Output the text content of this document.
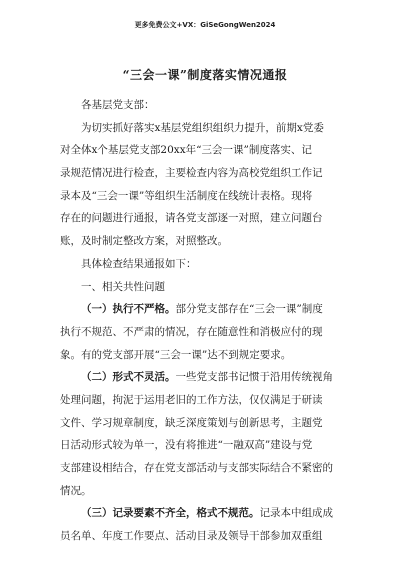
更多免费公文+VX：GiSeGongWen2024
“三会一课”制度落实情况通报
各基层党支部：
为切实抓好落实x基层党组织组织力提升，前期x党委
对全体x个基层党支部20xx年“三会一课”制度落实、记
录规范情况进行检查，主要检查内容为高校党组织工作记
录本及“三会一课”等组织生活制度在线统计表格。现将
存在的问题进行通报，请各党支部逐一对照，建立问题台
账，及时制定整改方案，对照整改。
具体检查结果通报如下：
一、相关共性问题
（一）执行不严格。部分党支部存在“三会一课”制度
执行不规范、不严肃的情况，存在随意性和消极应付的现
象。有的党支部开展“三会一课”达不到规定要求。
（二）形式不灵活。一些党支部书记惯于沿用传统视角
处理问题，拘泥于运用老旧的工作方法，仅仅满足于研读
文件、学习规章制度，缺乏深度策划与创新思考，主题党
日活动形式较为单一，没有将推进“一融双高”建设与党
支部建设相结合，存在党支部活动与支部实际结合不紧密的
情况。
（三）记录要素不齐全，格式不规范。记录本中组成成
员名单、年度工作要点、活动目录及领导干部参加双重组
